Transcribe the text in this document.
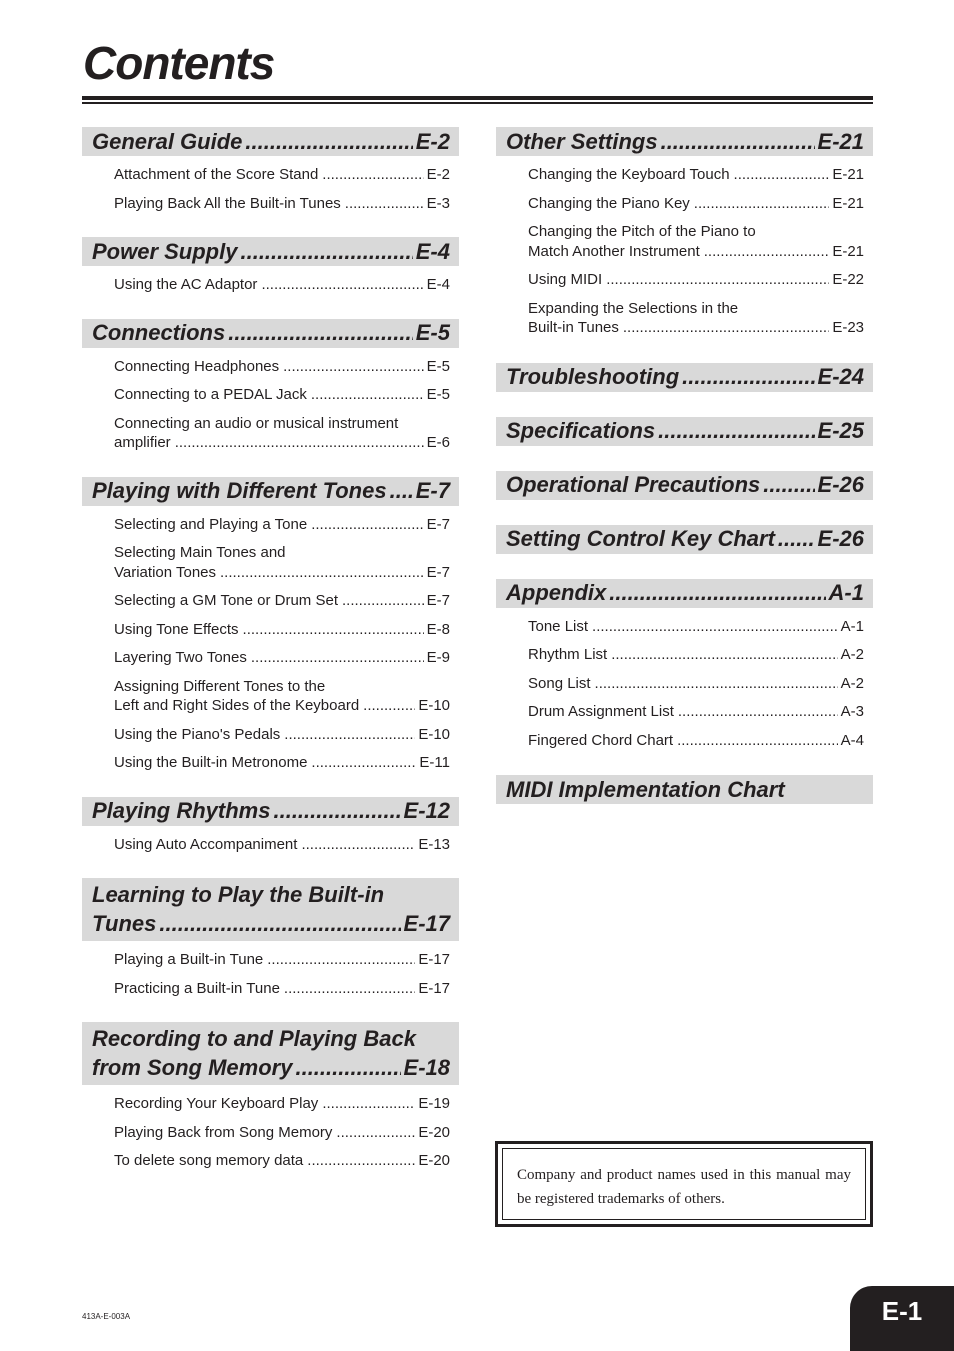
Contents
General Guide .....	E-2
Attachment of the Score Stand .....	E-2
Playing Back All the Built-in Tunes .....	E-3
Power Supply .....	E-4
Using the AC Adaptor .....	E-4
Connections .....	E-5
Connecting Headphones .....	E-5
Connecting to a PEDAL Jack .....	E-5
Connecting an audio or musical instrument
amplifier .....	E-6
Playing with Different Tones ..... E-7
Selecting and Playing a Tone .....	E-7
Selecting Main Tones and
Variation Tones .....	E-7
Selecting a GM Tone or Drum Set .....	E-7
Using Tone Effects .....	E-8
Layering Two Tones .....	E-9
Assigning Different Tones to the
Left and Right Sides of the Keyboard .....	E-10
Using the Piano's Pedals .....	E-10
Using the Built-in Metronome .....	E-11
Playing Rhythms .....	E-12
Using Auto Accompaniment .....	E-13
Learning to Play the Built-in
Tunes .....	E-17
Playing a Built-in Tune .....	E-17
Practicing a Built-in Tune .....	E-17
Recording to and Playing Back
from Song Memory .....	E-18
Recording Your Keyboard Play .....	E-19
Playing Back from Song Memory .....	E-20
To delete song memory data .....	E-20
Other Settings .....	E-21
Changing the Keyboard Touch .....	E-21
Changing the Piano Key .....	E-21
Changing the Pitch of the Piano to
Match Another Instrument .....	E-21
Using MIDI .....	E-22
Expanding the Selections in the
Built-in Tunes .....	E-23
Troubleshooting .....	E-24
Specifications .....	E-25
Operational Precautions .....	E-26
Setting Control Key Chart ..... E-26
Appendix .....	A-1
Tone List .....	A-1
Rhythm List .....	A-2
Song List .....	A-2
Drum Assignment List .....	A-3
Fingered Chord Chart .....	A-4
MIDI Implementation Chart
Company and product names used in this manual may be registered trademarks of others.
413A-E-003A	E-1
